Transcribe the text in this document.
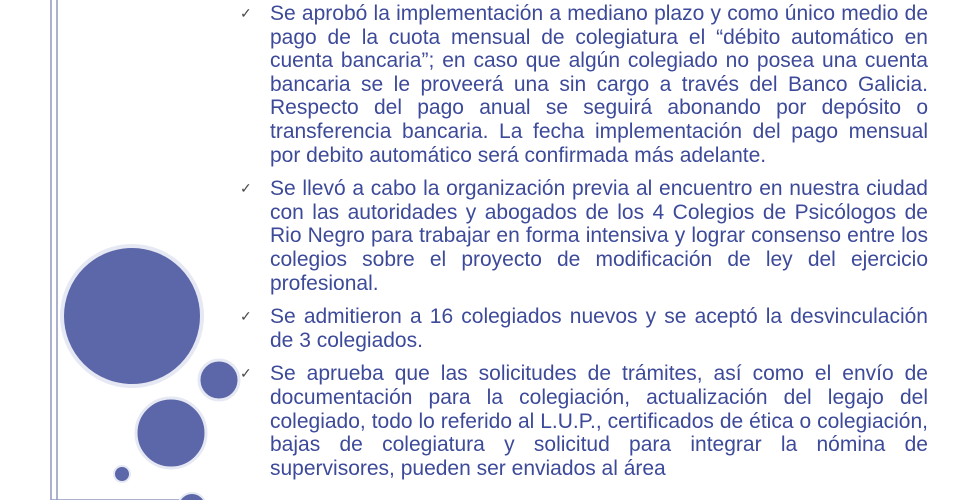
✓ Se aprobó la implementación a mediano plazo y como único medio de pago de la cuota mensual de colegiatura el “débito automático en cuenta bancaria”; en caso que algún colegiado no posea una cuenta bancaria se le proveerá una sin cargo a través del Banco Galicia. Respecto del pago anual se seguirá abonando por depósito o transferencia bancaria. La fecha implementación del pago mensual por debito automático será confirmada más adelante.
✓ Se llevó a cabo la organización previa al encuentro en nuestra ciudad con las autoridades y abogados de los 4 Colegios de Psicólogos de Rio Negro para trabajar en forma intensiva y lograr consenso entre los colegios sobre el proyecto de modificación de ley del ejercicio profesional.
✓ Se admitieron a 16 colegiados nuevos y se aceptó la desvinculación de 3 colegiados.
✓ Se aprueba que las solicitudes de trámites, así como el envío de documentación para la colegiación, actualización del legajo del colegiado, todo lo referido al L.U.P., certificados de ética o colegiación, bajas de colegiatura y solicitud para integrar la nómina de supervisores, pueden ser enviados al área
